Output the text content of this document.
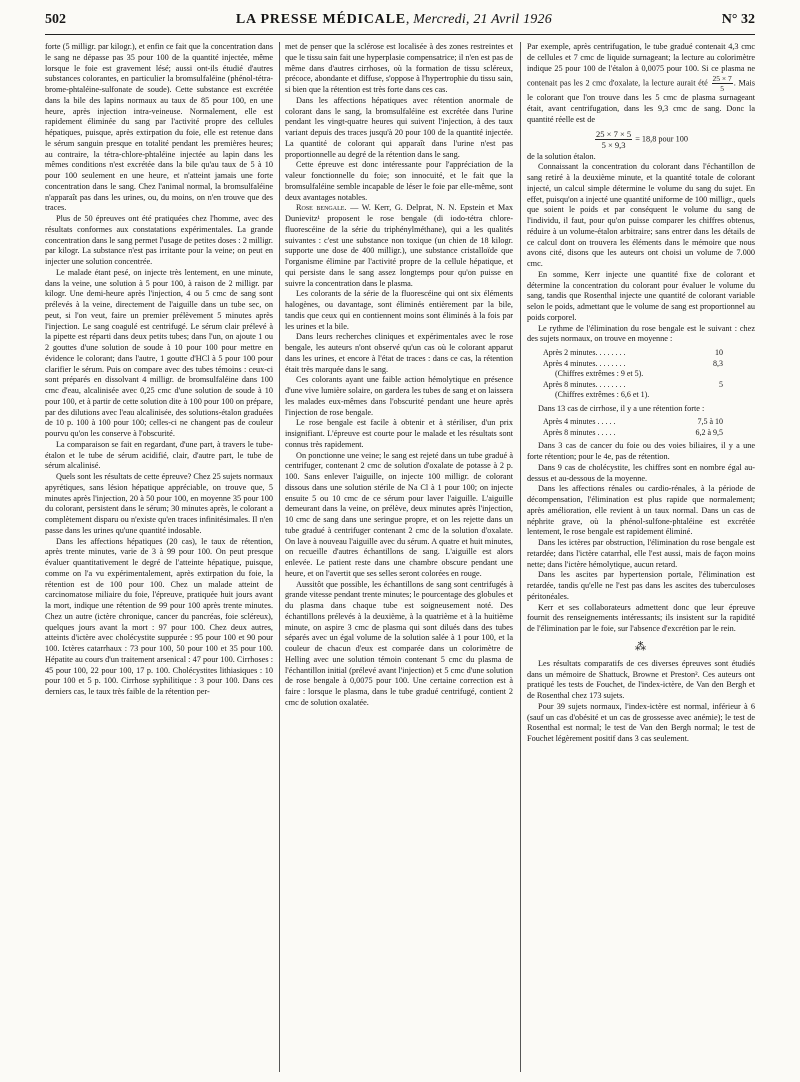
502	LA PRESSE MÉDICALE, Mercredi, 21 Avril 1926	N° 32

forte (5 milligr. par kilogr.), et enfin ce fait que la concentration dans le sang ne dépasse pas 35 pour 100 de la quantité injectée, même lorsque le foie est gravement lésé; aussi ont-ils étudié d'autres substances colorantes, en particulier la bromsulfaléine (phénol-tétra-brome-phtaléine-sulfonate de soude). Cette substance est excrétée dans la bile des lapins normaux au taux de 85 pour 100, en une heure, après injection intra-veineuse. Normalement, elle est rapidement éliminée du sang par l'activité propre des cellules hépatiques, puisque, après extirpation du foie, elle est retenue dans le sérum sanguin presque en totalité pendant les premières heures; au contraire, la tétra-chlore-phtaléine injectée au lapin dans les mêmes conditions n'est excrétée dans la bile qu'au taux de 5 à 10 pour 100 seulement en une heure, et n'atteint jamais une forte concentration dans le sang. Chez l'animal normal, la bromsulfaléine n'apparaît pas dans les urines, ou, du moins, on n'en trouve que des traces.

Plus de 50 épreuves ont été pratiquées chez l'homme, avec des résultats conformes aux constatations expérimentales. La grande concentration dans le sang permet l'usage de petites doses : 2 milligr. par kilogr. La substance n'est pas irritante pour la veine; on peut en injecter une solution concentrée.

Le malade étant pesé, on injecte très lentement, en une minute, dans la veine, une solution à 5 pour 100, à raison de 2 milligr. par kilogr. Une demi-heure après l'injection, 4 ou 5 cmc de sang sont prélevés à la veine, directement de l'aiguille dans un tube sec, on peut, si l'on veut, faire un premier prélèvement 5 minutes après l'injection. Le sang coagulé est centrifugé. Le sérum clair prélevé à la pipette est réparti dans deux petits tubes; dans l'un, on ajoute 1 ou 2 gouttes d'une solution de soude à 10 pour 100 pour mettre en évidence le colorant; dans l'autre, 1 goutte d'HCl à 5 pour 100 pour clarifier le sérum. Puis on compare avec des tubes témoins : ceux-ci sont préparés en dissolvant 4 milligr. de bromsulfaléine dans 100 cmc d'eau, alcalinisée avec 0,25 cmc d'une solution de soude à 10 pour 100, et à partir de cette solution dite à 100 pour 100 on prépare, par des dilutions avec l'eau alcalinisée, des solutions-étalon graduées de 10 p. 100 à 100 pour 100; celles-ci ne changent pas de couleur pourvu qu'on les conserve à l'obscurité.

La comparaison se fait en regardant, d'une part, à travers le tube-étalon et le tube de sérum acidifié, clair, d'autre part, le tube de sérum alcalinisé.

Quels sont les résultats de cette épreuve? Chez 25 sujets normaux apyrétiques, sans lésion hépatique appréciable, on trouve que, 5 minutes après l'injection, 20 à 50 pour 100, en moyenne 35 pour 100 du colorant, persistent dans le sérum; 30 minutes après, le colorant a complètement disparu ou n'existe qu'en traces infinitésimales. Il n'en passe dans les urines qu'une quantité indosable.

Dans les affections hépatiques (20 cas), le taux de rétention, après trente minutes, varie de 3 à 99 pour 100. On peut presque évaluer quantitativement le degré de l'atteinte hépatique, puisque, comme on l'a vu expérimentalement, après extirpation du foie, la rétention est de 100 pour 100. Chez un malade atteint de carcinomatose miliaire du foie, l'épreuve, pratiquée huit jours avant la mort, indique une rétention de 99 pour 100 après trente minutes. Chez un autre (ictère chronique, cancer du pancréas, foie scléreux), quelques jours avant la mort : 97 pour 100. Chez deux autres, atteints d'ictère avec cholécystite suppurée : 95 pour 100 et 90 pour 100. Ictères catarrhaux : 73 pour 100, 50 pour 100 et 35 pour 100. Hépatite au cours d'un traitement arsenical : 47 pour 100. Cirrhoses : 45 pour 100, 22 pour 100, 17 p. 100. Cholécystites lithiasiques : 10 pour 100 et 5 p. 100. Cirrhose syphilitique : 3 pour 100. Dans ces derniers cas, le taux très faible de la rétention per-

met de penser que la sclérose est localisée à des zones restreintes et que le tissu sain fait une hyperplasie compensatrice; il n'en est pas de même dans d'autres cirrhoses, où la formation de tissu scléreux, précoce, abondante et diffuse, s'oppose à l'hypertrophie du tissu sain, si bien que la rétention est très forte dans ces cas.

Dans les affections hépatiques avec rétention anormale de colorant dans le sang, la bromsulfaléine est excrétée dans l'urine pendant les vingt-quatre heures qui suivent l'injection, à des taux variant depuis des traces jusqu'à 20 pour 100 de la quantité injectée. La quantité de colorant qui apparaît dans l'urine n'est pas proportionnelle au degré de la rétention dans le sang.

Cette épreuve est donc intéressante pour l'appréciation de la valeur fonctionnelle du foie; son innocuité, et le fait que la bromsulfaléine semble incapable de léser le foie par elle-même, sont deux avantages notables.

Rose bengale. — W. Kerr, G. Delprat, N. N. Epstein et Max Dunievitz¹ proposent le rose bengale (di iodo-tétra chlore-fluorescéine de la série du triphénylméthane), qui a les qualités suivantes : c'est une substance non toxique (un chien de 18 kilogr. supporte une dose de 400 milligr.), une substance cristalloïde que l'organisme élimine par l'activité propre de la cellule hépatique, et qui persiste dans le sang assez longtemps pour qu'on puisse en suivre la concentration dans le plasma.

Les colorants de la série de la fluorescéine qui ont six éléments halogènes, ou davantage, sont éliminés entièrement par la bile, tandis que ceux qui en contiennent moins sont éliminés à la fois par les urines et la bile.

Dans leurs recherches cliniques et expérimentales avec le rose bengale, les auteurs n'ont observé qu'un cas où le colorant apparut dans les urines, et encore à l'état de traces : dans ce cas, la rétention était très marquée dans le sang.

Ces colorants ayant une faible action hémolytique en présence d'une vive lumière solaire, on gardera les tubes de sang et on laissera les malades eux-mêmes dans l'obscurité pendant une heure après l'injection de rose bengale.

Le rose bengale est facile à obtenir et à stériliser, d'un prix insignifiant. L'épreuve est courte pour le malade et les résultats sont connus très rapidement.

On ponctionne une veine; le sang est rejeté dans un tube gradué à centrifuger, contenant 2 cmc de solution d'oxalate de potasse à 2 p. 100. Sans enlever l'aiguille, on injecte 100 milligr. de colorant dissous dans une solution stérile de Na Cl à 1 pour 100; on injecte ensuite 5 ou 10 cmc de ce sérum pour laver l'aiguille. L'aiguille demeurant dans la veine, on prélève, deux minutes après l'injection, 10 cmc de sang dans une seringue propre, et on les rejette dans un tube gradué à centrifuger contenant 2 cmc de la solution d'oxalate. On lave à nouveau l'aiguille avec du sérum. A quatre et huit minutes, on recueille d'autres échantillons de sang. L'aiguille est alors enlevée. Le patient reste dans une chambre obscure pendant une heure, et on l'avertit que ses selles seront colorées en rouge.

Aussitôt que possible, les échantillons de sang sont centrifugés à grande vitesse pendant trente minutes; le pourcentage des globules et du plasma dans chaque tube est soigneusement noté. Des échantillons prélevés à la deuxième, à la quatrième et à la huitième minute, on aspire 3 cmc de plasma qui sont dilués dans des tubes séparés avec un égal volume de la solution salée à 1 pour 100, et la couleur de chacun d'eux est comparée dans un colorimètre de Helling avec une solution témoin contenant 5 cmc du plasma de l'échantillon initial (prélevé avant l'injection) et 5 cmc d'une solution de rose bengale à 0,0075 pour 100. Une certaine correction est à faire : lorsque le plasma, dans le tube gradué centrifugé, contient 2 cmc de solution oxalatée.

Par exemple, après centrifugation, le tube gradué contenait 4,3 cmc de cellules et 7 cmc de liquide surnageant; la lecture au colorimètre indique 25 pour 100 de l'étalon à 0,0075 pour 100. Si ce plasma ne contenait pas les 2 cmc d'oxalate, la lecture aurait été $\frac{25 \times 7}{5}$ . Mais le colorant que l'on trouve dans les 5 cmc de plasma surnageant était, avant centrifugation, dans les 9,3 cmc de sang. Donc la quantité réelle est de

$\frac{25 \times 7 \times 5}{5 \times 9,3} = 18,8$ pour 100

de la solution étalon.

Connaissant la concentration du colorant dans l'échantillon de sang retiré à la deuxième minute, et la quantité totale de colorant injecté, un calcul simple détermine le volume du sang du sujet. En effet, puisqu'on a injecté une quantité uniforme de 100 milligr., quels que soient le poids et par conséquent le volume du sang de l'individu, il faut, pour qu'on puisse comparer les chiffres obtenus, réduire à un volume-étalon arbitraire; sans entrer dans les détails de ce calcul dont on trouvera les éléments dans le mémoire que nous avons cité, disons que les auteurs ont choisi un volume de 7.000 cmc.

En somme, Kerr injecte une quantité fixe de colorant et détermine la concentration du colorant pour évaluer le volume du sang, tandis que Rosenthal injecte une quantité de colorant variable selon le poids, admettant que le volume de sang est proportionnel au poids corporel.

Le rythme de l'élimination du rose bengale est le suivant : chez des sujets normaux, on trouve en moyenne :

Après 2 minutes. . . . . . . .	10
Après 4 minutes. . . . . . . .	8,3
(Chiffres extrêmes : 9 et 5).
Après 8 minutes. . . . . . . .	5
(Chiffres extrêmes : 6,6 et 1).

Dans 13 cas de cirrhose, il y a une rétention forte :

Après 4 minutes . . . . .	7,5 à 10
Après 8 minutes . . . . .	6,2 à 9,5

Dans 3 cas de cancer du foie ou des voies biliaires, il y a une forte rétention; pour le 4e, pas de rétention.

Dans 9 cas de cholécystite, les chiffres sont en nombre égal au-dessus et au-dessous de la moyenne.

Dans les affections rénales ou cardio-rénales, à la période de décompensation, l'élimination est plus rapide que normalement; après amélioration, elle revient à un taux normal. Dans un cas de néphrite grave, où la phénol-sulfone-phtaléine est excrétée lentement, le rose bengale est rapidement éliminé.

Dans les ictères par obstruction, l'élimination du rose bengale est retardée; dans l'ictère catarrhal, elle l'est aussi, mais de façon moins nette; dans l'ictère hémolytique, aucun retard.

Dans les ascites par hypertension portale, l'élimination est retardée, tandis qu'elle ne l'est pas dans les ascites des tuberculoses péritonéales.

Kerr et ses collaborateurs admettent donc que leur épreuve fournit des renseignements intéressants; ils insistent sur la rapidité de l'élimination par le foie, sur l'absence d'excrétion par le rein.

⁂

Les résultats comparatifs de ces diverses épreuves sont étudiés dans un mémoire de Shattuck, Browne et Preston². Ces auteurs ont pratiqué les tests de Fouchet, de l'index-ictère, de Van den Bergh et de Rosenthal chez 173 sujets.

Pour 39 sujets normaux, l'index-ictère est normal, inférieur à 6 (sauf un cas d'obésité et un cas de grossesse avec anémie); le test de Rosenthal est normal; le test de Van den Bergh normal; le test de Fouchet légèrement positif dans 3 cas seulement.
